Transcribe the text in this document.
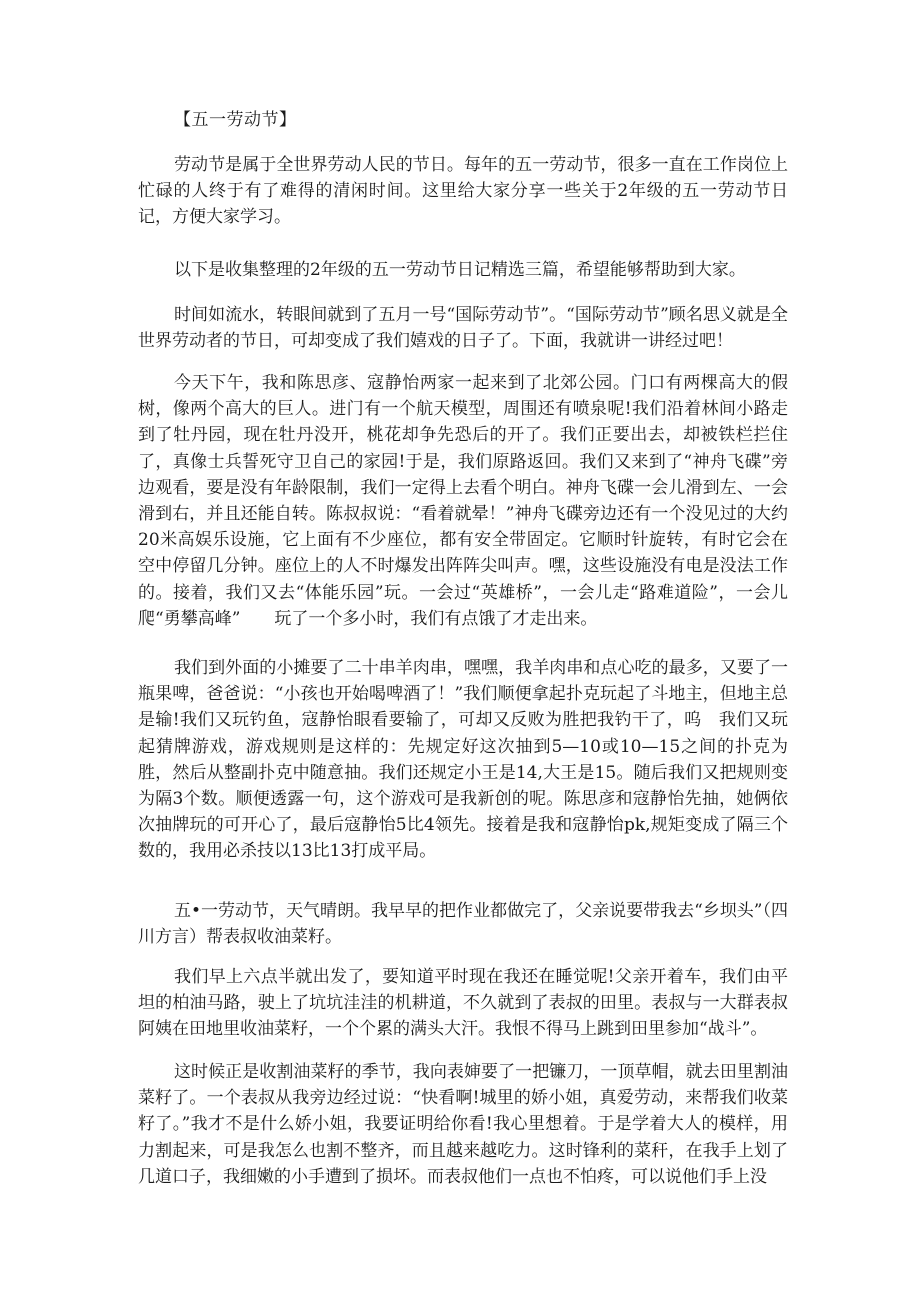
【五一劳动节】

劳动节是属于全世界劳动人民的节日。每年的五一劳动节，很多一直在工作岗位上忙碌的人终于有了难得的清闲时间。这里给大家分享一些关于2年级的五一劳动节日记，方便大家学习。

以下是收集整理的2年级的五一劳动节日记精选三篇，希望能够帮助到大家。

时间如流水，转眼间就到了五月一号“国际劳动节”。“国际劳动节”顾名思义就是全世界劳动者的节日，可却变成了我们嬉戏的日子了。下面，我就讲一讲经过吧！

今天下午，我和陈思彦、寇静怡两家一起来到了北郊公园。门口有两棵高大的假树，像两个高大的巨人。进门有一个航天模型，周围还有喷泉呢!我们沿着林间小路走到了牡丹园，现在牡丹没开，桃花却争先恐后的开了。我们正要出去，却被铁栏拦住了，真像士兵誓死守卫自己的家园!于是，我们原路返回。我们又来到了“神舟飞碟”旁边观看，要是没有年龄限制，我们一定得上去看个明白。神舟飞碟一会儿滑到左、一会滑到右，并且还能自转。陈叔叔说：“看着就晕！”神舟飞碟旁边还有一个没见过的大约20米高娱乐设施，它上面有不少座位，都有安全带固定。它顺时针旋转，有时它会在空中停留几分钟。座位上的人不时爆发出阵阵尖叫声。嘿，这些设施没有电是没法工作的。接着，我们又去“体能乐园”玩。一会过“英雄桥”，一会儿走“路难道险”，一会儿爬“勇攀高峰”　　玩了一个多小时，我们有点饿了才走出来。

我们到外面的小摊要了二十串羊肉串，嘿嘿，我羊肉串和点心吃的最多，又要了一瓶果啤，爸爸说：“小孩也开始喝啤酒了！”我们顺便拿起扑克玩起了斗地主，但地主总是输!我们又玩钓鱼，寇静怡眼看要输了，可却又反败为胜把我钓干了，呜　我们又玩起猜牌游戏，游戏规则是这样的：先规定好这次抽到5—10或10—15之间的扑克为胜，然后从整副扑克中随意抽。我们还规定小王是14,大王是15。随后我们又把规则变为隔3个数。顺便透露一句，这个游戏可是我新创的呢。陈思彦和寇静怡先抽，她俩依次抽牌玩的可开心了，最后寇静怡5比4领先。接着是我和寇静怡pk,规矩变成了隔三个数的，我用必杀技以13比13打成平局。

五•一劳动节，天气晴朗。我早早的把作业都做完了，父亲说要带我去“乡坝头”（四川方言）帮表叔收油菜籽。

我们早上六点半就出发了，要知道平时现在我还在睡觉呢!父亲开着车，我们由平坦的柏油马路，驶上了坑坑洼洼的机耕道，不久就到了表叔的田里。表叔与一大群表叔阿姨在田地里收油菜籽，一个个累的满头大汗。我恨不得马上跳到田里参加“战斗”。

这时候正是收割油菜籽的季节，我向表婶要了一把镰刀，一顶草帽，就去田里割油菜籽了。一个表叔从我旁边经过说：“快看啊!城里的娇小姐，真爱劳动，来帮我们收菜籽了。”我才不是什么娇小姐，我要证明给你看!我心里想着。于是学着大人的模样，用力割起来，可是我怎么也割不整齐，而且越来越吃力。这时锋利的菜秆，在我手上划了几道口子，我细嫩的小手遭到了损坏。而表叔他们一点也不怕疼，可以说他们手上没
